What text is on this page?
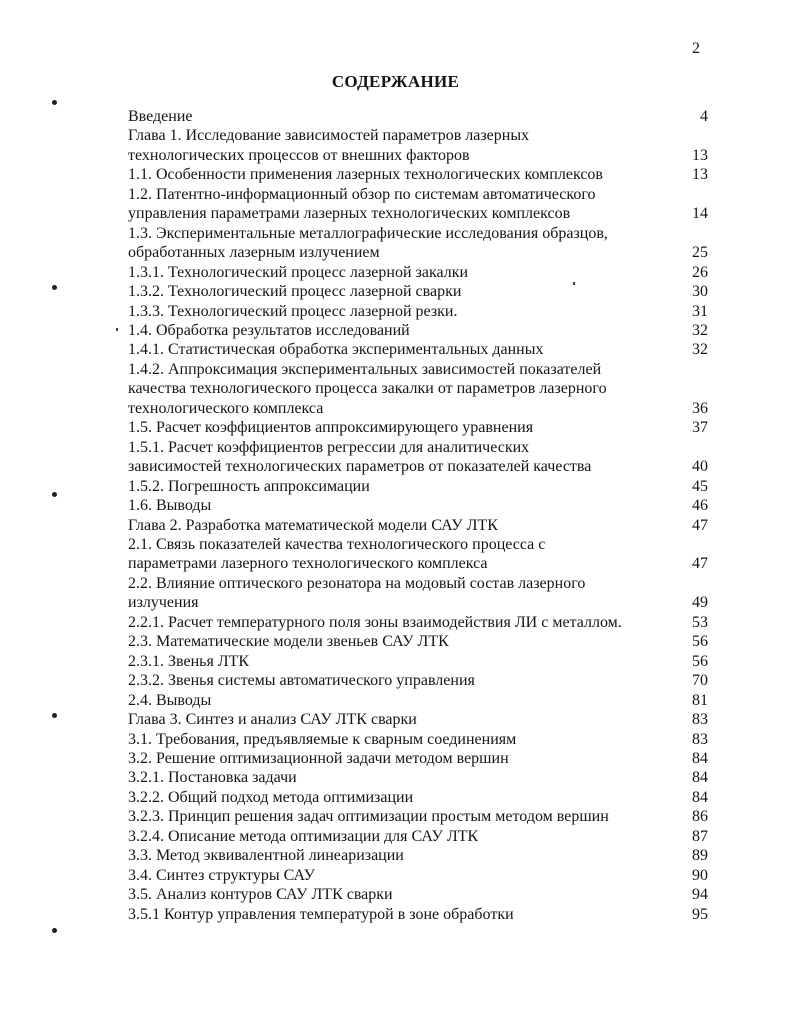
2
СОДЕРЖАНИЕ
Введение	4
Глава 1. Исследование зависимостей параметров лазерных
технологических процессов от внешних факторов	13
1.1. Особенности применения лазерных технологических комплексов	13
1.2. Патентно-информационный обзор по системам автоматического
управления параметрами лазерных технологических комплексов	14
1.3. Экспериментальные металлографические исследования образцов,
обработанных лазерным излучением	25
1.3.1. Технологический процесс лазерной закалки	26
1.3.2. Технологический процесс лазерной сварки	30
1.3.3. Технологический процесс лазерной резки.	31
1.4. Обработка результатов исследований	32
1.4.1. Статистическая обработка экспериментальных данных	32
1.4.2. Аппроксимация экспериментальных зависимостей показателей
качества технологического процесса закалки от параметров лазерного
технологического комплекса	36
1.5. Расчет коэффициентов аппроксимирующего уравнения	37
1.5.1. Расчет коэффициентов регрессии для аналитических
зависимостей технологических параметров от показателей качества	40
1.5.2. Погрешность аппроксимации	45
1.6. Выводы	46
Глава 2. Разработка математической модели САУ ЛТК	47
2.1. Связь показателей качества технологического процесса с
параметрами лазерного технологического комплекса	47
2.2. Влияние оптического резонатора на модовый состав лазерного
излучения	49
2.2.1. Расчет температурного поля зоны взаимодействия ЛИ с металлом.	53
2.3. Математические модели звеньев САУ ЛТК	56
2.3.1. Звенья ЛТК	56
2.3.2. Звенья системы автоматического управления	70
2.4. Выводы	81
Глава 3. Синтез и анализ САУ ЛТК сварки	83
3.1. Требования, предъявляемые к сварным соединениям	83
3.2. Решение оптимизационной задачи методом вершин	84
3.2.1. Постановка задачи	84
3.2.2. Общий подход метода оптимизации	84
3.2.3. Принцип решения задач оптимизации простым методом вершин	86
3.2.4. Описание метода оптимизации для САУ ЛТК	87
3.3. Метод эквивалентной линеаризации	89
3.4. Синтез структуры САУ	90
3.5. Анализ контуров САУ ЛТК сварки	94
3.5.1 Контур управления температурой в зоне обработки	95
